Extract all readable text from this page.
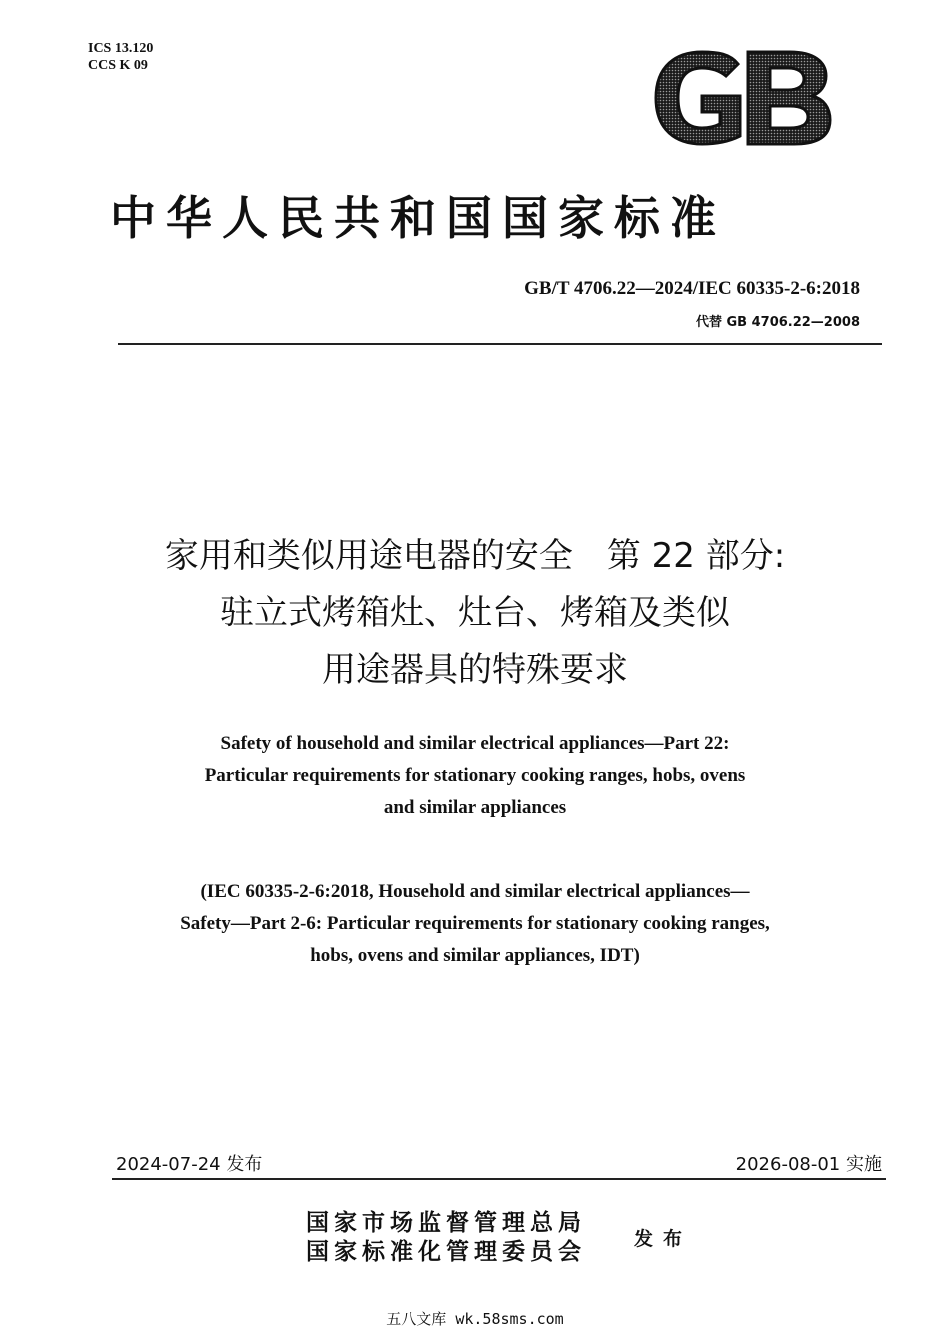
ICS 13.120
CCS K 09
中华人民共和国国家标准
GB/T 4706.22—2024/IEC 60335-2-6:2018
代替 GB 4706.22—2008
家用和类似用途电器的安全　第 22 部分:
驻立式烤箱灶、灶台、烤箱及类似
用途器具的特殊要求
Safety of household and similar electrical appliances—Part 22:
Particular requirements for stationary cooking ranges, hobs, ovens
and similar appliances
(IEC 60335-2-6:2018, Household and similar electrical appliances—
Safety—Part 2-6: Particular requirements for stationary cooking ranges,
hobs, ovens and similar appliances, IDT)
2024-07-24 发布	2026-08-01 实施
国家市场监督管理总局
国家标准化管理委员会	发布
五八文库 wk.58sms.com
